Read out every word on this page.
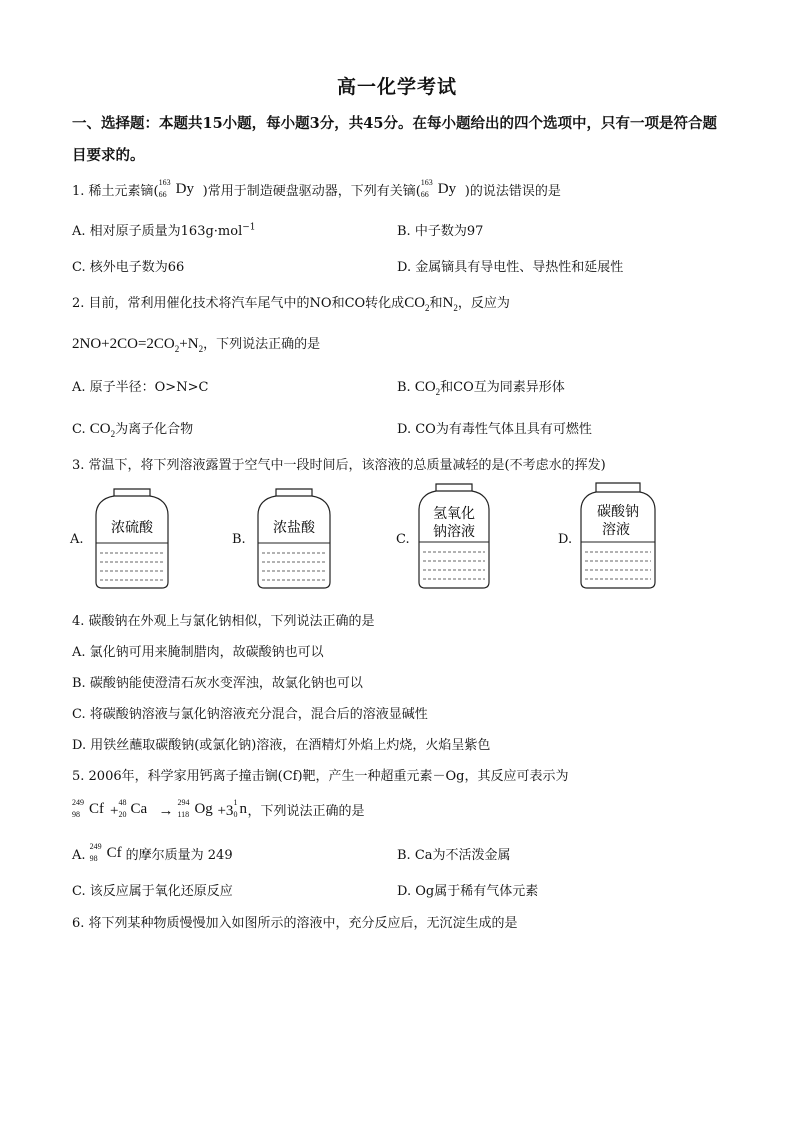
高一化学考试
一、选择题：本题共15小题，每小题3分，共45分。在每小题给出的四个选项中，只有一项是符合题目要求的。
1. 稀土元素镝(
163
66 Dy )常用于制造硬盘驱动器，下列有关镝(
163
66 Dy )的说法错误的是
A. 相对原子质量为163g·mol$^{-1}$	B. 中子数为97
C. 核外电子数为66	D. 金属镝具有导电性、导热性和延展性
2. 目前，常利用催化技术将汽车尾气中的NO和CO转化成$CO_2$和$N_2$，反应为
$2NO+2CO=2CO_2+N_2$，下列说法正确的是
A. 原子半径：O>N>C	B. $CO_2$和CO互为同素异形体
C. $CO_2$为离子化合物	D. CO为有毒性气体且具有可燃性
3. 常温下，将下列溶液露置于空气中一段时间后，该溶液的总质量减轻的是(不考虑水的挥发)
A.
浓硫酸
B.
浓盐酸
C.
氢氧化
钠溶液	D.
碳酸钠
溶液
4. 碳酸钠在外观上与氯化钠相似，下列说法正确的是
A. 氯化钠可用来腌制腊肉，故碳酸钠也可以
B. 碳酸钠能使澄清石灰水变浑浊，故氯化钠也可以
C. 将碳酸钠溶液与氯化钠溶液充分混合，混合后的溶液显碱性
D. 用铁丝蘸取碳酸钠(或氯化钠)溶液，在酒精灯外焰上灼烧，火焰呈紫色
5. 2006年，科学家用钙离子撞击锎(Cf)靶，产生一种超重元素－Og，其反应可表示为
249
98 Cf +
48
20 Ca →
294
118 Og +3
1
0 n ，下列说法正确的是
A.
249
98 Cf 的摩尔质量为 249	B. Ca为不活泼金属
C. 该反应属于氧化还原反应	D. Og属于稀有气体元素
6. 将下列某种物质慢慢加入如图所示的溶液中，充分反应后，无沉淀生成的是
